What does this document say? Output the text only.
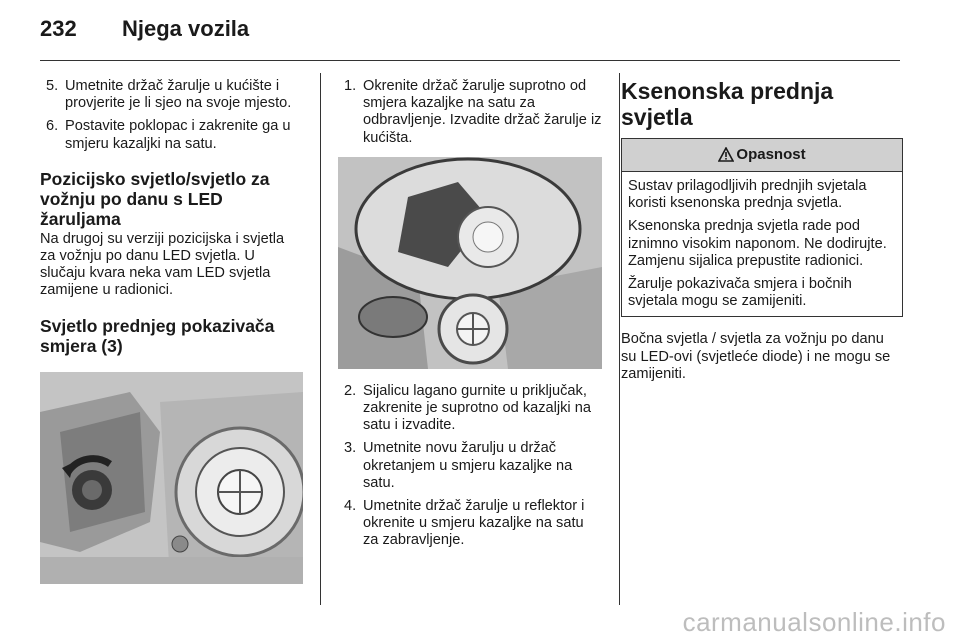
232 Njega vozila
5. Umetnite držač žarulje u kućište i provjerite je li sjeo na svoje mjesto.
6. Postavite poklopac i zakrenite ga u smjeru kazaljki na satu.
Pozicijsko svjetlo/svjetlo za vožnju po danu s LED žaruljama

Na drugoj su verziji pozicijska i svjetla za vožnju po danu LED svjetla. U slučaju kvara neka vam LED svjetla zamijene u radionici.

Svjetlo prednjeg pokazivača smjera (3)
1. Okrenite držač žarulje suprotno od smjera kazaljke na satu za odbravljenje. Izvadite držač žarulje iz kućišta.
2. Sijalicu lagano gurnite u priključak, zakrenite je suprotno od kazaljki na satu i izvadite.
3. Umetnite novu žarulju u držač okretanjem u smjeru kazaljke na satu.
4. Umetnite držač žarulje u reflektor i okrenite u smjeru kazaljke na satu za zabravljenje.
Ksenonska prednja svjetla
Opasnost

Sustav prilagodljivih prednjih svjetala koristi ksenonska prednja svjetla.

Ksenonska prednja svjetla rade pod iznimno visokim naponom. Ne dodirujte. Zamjenu sijalica prepustite radionici.

Žarulje pokazivača smjera i bočnih svjetala mogu se zamijeniti.

Bočna svjetla / svjetla za vožnju po danu su LED-ovi (svjetleće diode) i ne mogu se zamijeniti.

carmanualsonline.info
